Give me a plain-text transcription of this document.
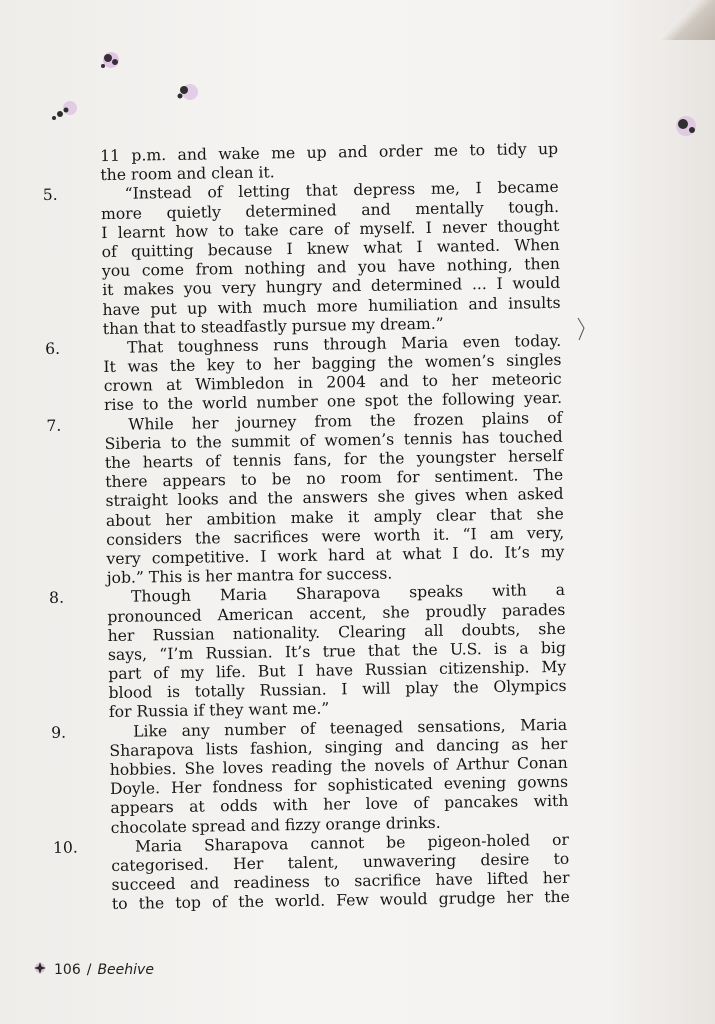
11 p.m. and wake me up and order me to tidy up
the room and clean it.
5.	“Instead of letting that depress me, I became
more quietly determined and mentally tough.
I learnt how to take care of myself. I never thought
of quitting because I knew what I wanted. When
you come from nothing and you have nothing, then
it makes you very hungry and determined ... I would
have put up with much more humiliation and insults
than that to steadfastly pursue my dream.”
6.	That toughness runs through Maria even today.
It was the key to her bagging the women’s singles
crown at Wimbledon in 2004 and to her meteoric
rise to the world number one spot the following year.
7.	While her journey from the frozen plains of
Siberia to the summit of women’s tennis has touched
the hearts of tennis fans, for the youngster herself
there appears to be no room for sentiment. The
straight looks and the answers she gives when asked
about her ambition make it amply clear that she
considers the sacrifices were worth it. “I am very,
very competitive. I work hard at what I do. It’s my
job.” This is her mantra for success.
8.	Though Maria Sharapova speaks with a
pronounced American accent, she proudly parades
her Russian nationality. Clearing all doubts, she
says, “I’m Russian. It’s true that the U.S. is a big
part of my life. But I have Russian citizenship. My
blood is totally Russian. I will play the Olympics
for Russia if they want me.”
9.	Like any number of teenaged sensations, Maria
Sharapova lists fashion, singing and dancing as her
hobbies. She loves reading the novels of Arthur Conan
Doyle. Her fondness for sophisticated evening gowns
appears at odds with her love of pancakes with
chocolate spread and fizzy orange drinks.
10.	Maria Sharapova cannot be pigeon-holed or
categorised. Her talent, unwavering desire to
succeed and readiness to sacrifice have lifted her
to the top of the world. Few would grudge her the
106 / Beehive
